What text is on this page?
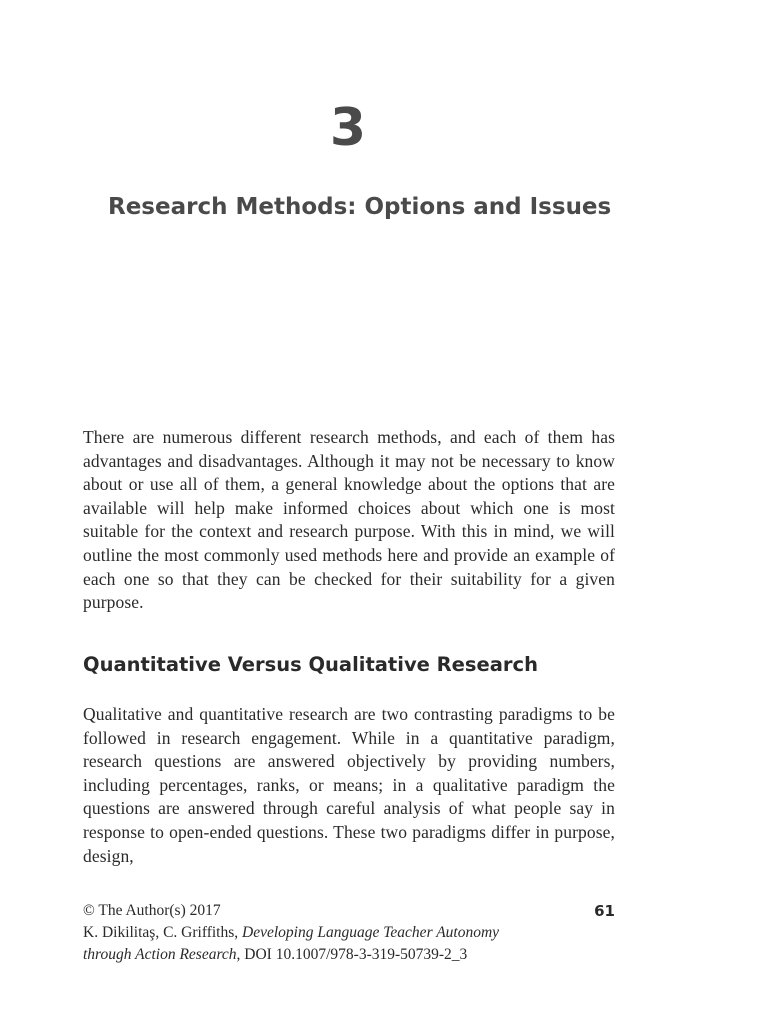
3
Research Methods: Options and Issues

There are numerous different research methods, and each of them has advantages and disadvantages. Although it may not be necessary to know about or use all of them, a general knowledge about the options that are available will help make informed choices about which one is most suitable for the context and research purpose. With this in mind, we will outline the most commonly used methods here and provide an example of each one so that they can be checked for their suitability for a given purpose.

Quantitative Versus Qualitative Research

Qualitative and quantitative research are two contrasting paradigms to be followed in research engagement. While in a quantitative paradigm, research questions are answered objectively by providing numbers, including percentages, ranks, or means; in a qualitative paradigm the questions are answered through careful analysis of what people say in response to open-ended questions. These two paradigms differ in purpose, design,

© The Author(s) 2017
K. Dikilitaş, C. Griffiths, Developing Language Teacher Autonomy
through Action Research, DOI 10.1007/978-3-319-50739-2_3
61
